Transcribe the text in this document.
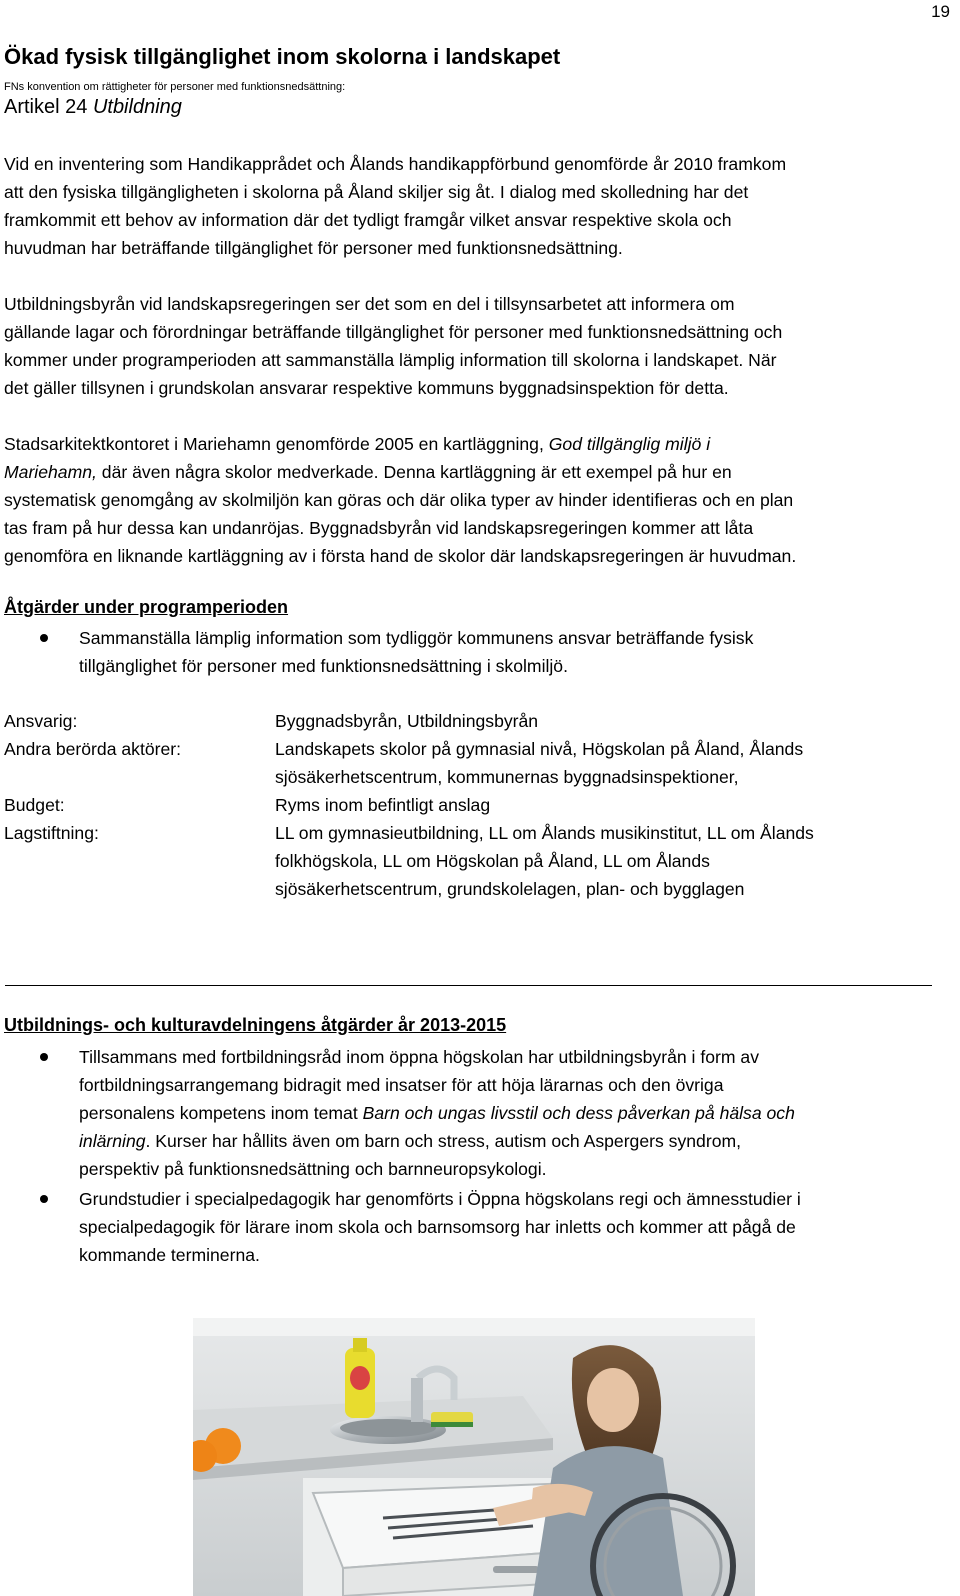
19
Ökad fysisk tillgänglighet inom skolorna i landskapet
FNs konvention om rättigheter för personer med funktionsnedsättning:
Artikel 24 Utbildning

Vid en inventering som Handikapprådet och Ålands handikappförbund genomförde år 2010 framkom
att den fysiska tillgängligheten i skolorna på Åland skiljer sig åt. I dialog med skolledning har det
framkommit ett behov av information där det tydligt framgår vilket ansvar respektive skola och
huvudman har beträffande tillgänglighet för personer med funktionsnedsättning.

Utbildningsbyrån vid landskapsregeringen ser det som en del i tillsynsarbetet att informera om
gällande lagar och förordningar beträffande tillgänglighet för personer med funktionsnedsättning och
kommer under programperioden att sammanställa lämplig information till skolorna i landskapet. När
det gäller tillsynen i grundskolan ansvarar respektive kommuns byggnadsinspektion för detta.

Stadsarkitektkontoret i Mariehamn genomförde 2005 en kartläggning, God tillgänglig miljö i
Mariehamn, där även några skolor medverkade. Denna kartläggning är ett exempel på hur en
systematisk genomgång av skolmiljön kan göras och där olika typer av hinder identifieras och en plan
tas fram på hur dessa kan undanröjas. Byggnadsbyrån vid landskapsregeringen kommer att låta
genomföra en liknande kartläggning av i första hand de skolor där landskapsregeringen är huvudman.

Åtgärder under programperioden
Sammanställa lämplig information som tydliggör kommunens ansvar beträffande fysisk
tillgänglighet för personer med funktionsnedsättning i skolmiljö.
Ansvarig:	Byggnadsbyrån, Utbildningsbyrån
Andra berörda aktörer:	Landskapets skolor på gymnasial nivå, Högskolan på Åland, Ålands
sjösäkerhetscentrum, kommunernas byggnadsinspektioner,
Budget:	Ryms inom befintligt anslag
Lagstiftning:	LL om gymnasieutbildning, LL om Ålands musikinstitut, LL om Ålands
folkhögskola, LL om Högskolan på Åland, LL om Ålands
sjösäkerhetscentrum, grundskolelagen, plan- och bygglagen
Utbildnings- och kulturavdelningens åtgärder år 2013-2015
Tillsammans med fortbildningsråd inom öppna högskolan har utbildningsbyrån i form av
fortbildningsarrangemang bidragit med insatser för att höja lärarnas och den övriga
personalens kompetens inom temat Barn och ungas livsstil och dess påverkan på hälsa och
inlärning. Kurser har hållits även om barn och stress, autism och Aspergers syndrom,
perspektiv på funktionsnedsättning och barnneuropsykologi.
Grundstudier i specialpedagogik har genomförts i Öppna högskolans regi och ämnesstudier i
specialpedagogik för lärare inom skola och barnsomsorg har inletts och kommer att pågå de
kommande terminerna.
